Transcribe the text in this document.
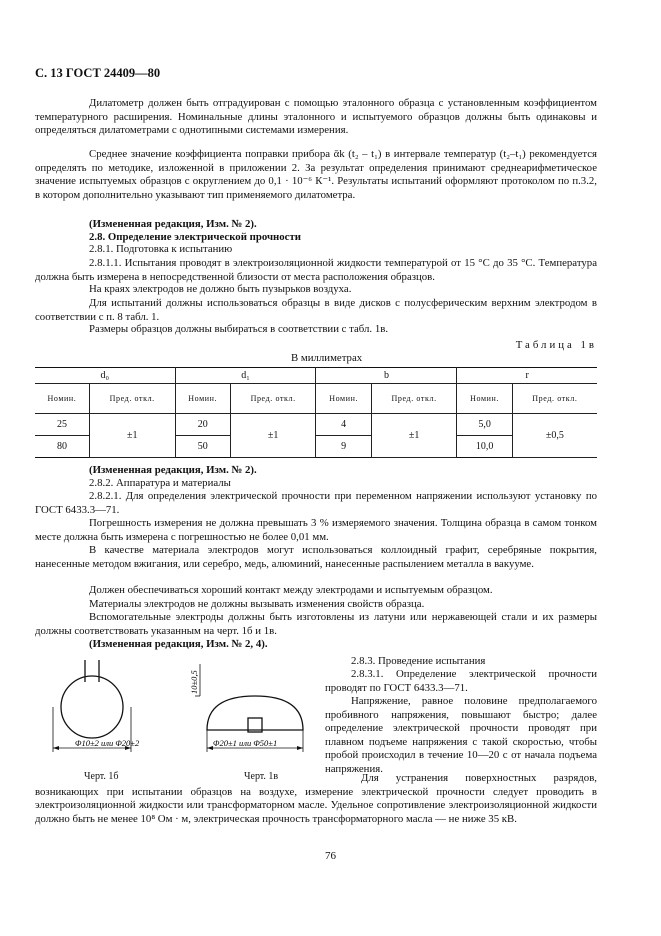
С. 13 ГОСТ 24409—80

Дилатометр должен быть отградуирован с помощью эталонного образца с установленным коэффициентом температурного расширения. Номинальные длины эталонного и испытуемого образцов должны быть одинаковы и определяться дилатометрами с однотипными системами измерения.

Среднее значение коэффициента поправки прибора ᾱk (t₂ – t₁) в интервале температур (t₂–t₁) рекомендуется определять по методике, изложенной в приложении 2. За результат определения принимают среднеарифметическое значение испытуемых образцов с округлением до 0,1 · 10⁻⁶ К⁻¹. Результаты испытаний оформляют протоколом по п.3.2, в котором дополнительно указывают тип применяемого дилатометра.

(Измененная редакция, Изм. № 2).

2.8. Определение электрической прочности

2.8.1. Подготовка к испытанию

2.8.1.1. Испытания проводят в электроизоляционной жидкости температурой от 15 °С до 35 °С. Температура должна быть измерена в непосредственной близости от места расположения образцов.

На краях электродов не должно быть пузырьков воздуха.

Для испытаний должны использоваться образцы в виде дисков с полусферическим верхним электродом в соответствии с п. 8 табл. 1.

Размеры образцов должны выбираться в соответствии с табл. 1в.

Таблица 1в
В миллиметрах
d₀		d₁		b		r	
Номин.	Пред. откл.	Номин.	Пред. откл.	Номин.	Пред. откл.	Номин.	Пред. откл.
25	±1	20	±1	4	±1	5,0	±0,5
80		50		9		10,0	

(Измененная редакция, Изм. № 2).

2.8.2. Аппаратура и материалы

2.8.2.1. Для определения электрической прочности при переменном напряжении используют установку по ГОСТ 6433.3—71.

Погрешность измерения не должна превышать 3 % измеряемого значения. Толщина образца в самом тонком месте должна быть измерена с погрешностью не более 0,01 мм.

В качестве материала электродов могут использоваться коллоидный графит, серебряные покрытия, нанесенные методом вжигания, или серебро, медь, алюминий, нанесенные распылением металла в вакууме.

Должен обеспечиваться хороший контакт между электродами и испытуемым образцом.

Материалы электродов не должны вызывать изменения свойств образца.

Вспомогательные электроды должны быть изготовлены из латуни или нержавеющей стали и их размеры должны соответствовать указанным на черт. 1б и 1в.

(Измененная редакция, Изм. № 2, 4).

Φ10±2 или Φ20±2	Φ20±1 или Φ50±1
10±0,5
Черт. 1б	Черт. 1в

2.8.3. Проведение испытания

2.8.3.1. Определение электрической прочности проводят по ГОСТ 6433.3—71.

Напряжение, равное половине предполагаемого пробивного напряжения, повышают быстро; далее определение электрической прочности проводят при плавном подъеме напряжения с такой скоростью, чтобы пробой происходил в течение 10—20 с от начала подъема напряжения.

Для устранения поверхностных разрядов, возникающих при испытании образцов на воздухе, измерение электрической прочности следует проводить в электроизоляционной жидкости или трансформаторном масле. Удельное сопротивление электроизоляционной жидкости должно быть не менее 10⁸ Ом · м, электрическая прочность трансформаторного масла — не ниже 35 кВ.

76
